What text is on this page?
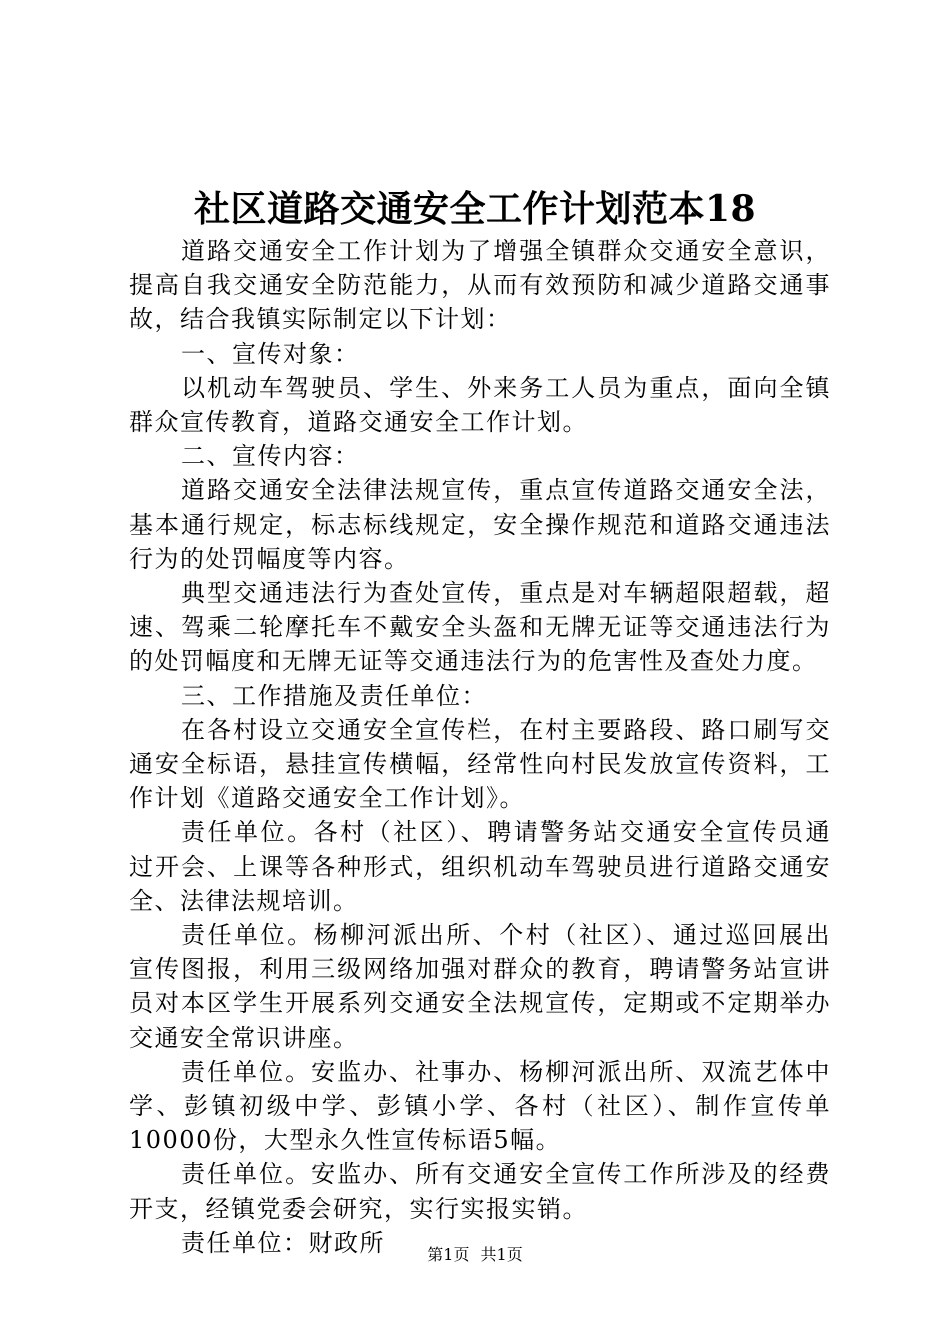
社区道路交通安全工作计划范本18

道路交通安全工作计划为了增强全镇群众交通安全意识，提高自我交通安全防范能力，从而有效预防和减少道路交通事故，结合我镇实际制定以下计划：

一、宣传对象：

以机动车驾驶员、学生、外来务工人员为重点，面向全镇群众宣传教育，道路交通安全工作计划。

二、宣传内容：

道路交通安全法律法规宣传，重点宣传道路交通安全法，基本通行规定，标志标线规定，安全操作规范和道路交通违法行为的处罚幅度等内容。

典型交通违法行为查处宣传，重点是对车辆超限超载，超速、驾乘二轮摩托车不戴安全头盔和无牌无证等交通违法行为的处罚幅度和无牌无证等交通违法行为的危害性及查处力度。

三、工作措施及责任单位：

在各村设立交通安全宣传栏，在村主要路段、路口刷写交通安全标语，悬挂宣传横幅，经常性向村民发放宣传资料，工作计划《道路交通安全工作计划》。

责任单位。各村（社区）、聘请警务站交通安全宣传员通过开会、上课等各种形式，组织机动车驾驶员进行道路交通安全、法律法规培训。

责任单位。杨柳河派出所、个村（社区）、通过巡回展出宣传图报，利用三级网络加强对群众的教育，聘请警务站宣讲员对本区学生开展系列交通安全法规宣传，定期或不定期举办交通安全常识讲座。

责任单位。安监办、社事办、杨柳河派出所、双流艺体中学、彭镇初级中学、彭镇小学、各村（社区）、制作宣传单10000份，大型永久性宣传标语5幅。

责任单位。安监办、所有交通安全宣传工作所涉及的经费开支，经镇党委会研究，实行实报实销。

责任单位：财政所	第1页 共1页
